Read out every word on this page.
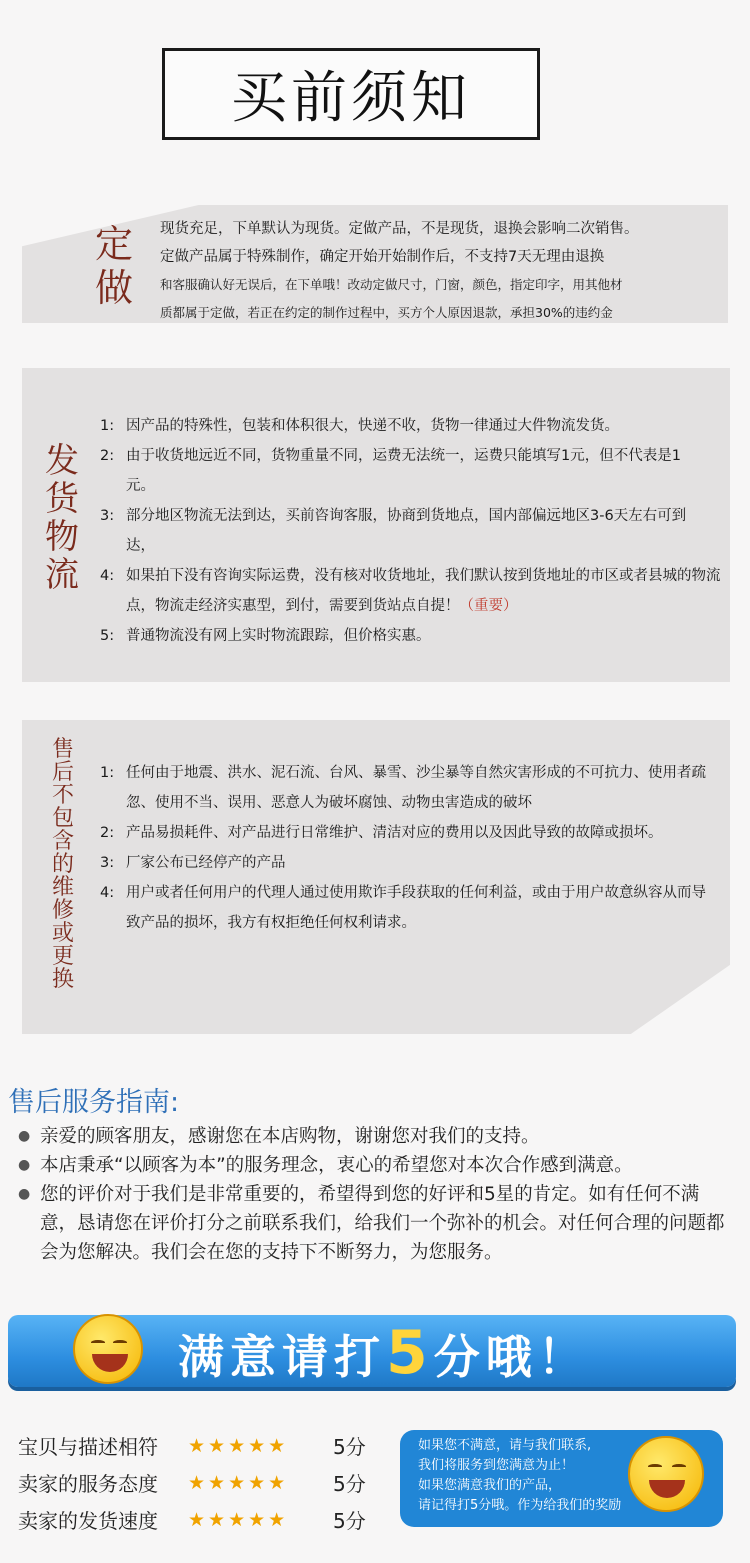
买前须知
定做
现货充足，下单默认为现货。定做产品，不是现货，退换会影响二次销售。
定做产品属于特殊制作，确定开始开始制作后，不支持7天无理由退换
和客服确认好无误后，在下单哦！改动定做尺寸，门窗，颜色，指定印字，用其他材
质都属于定做，若正在约定的制作过程中，买方个人原因退款，承担30%的违约金
发货物流
1: 因产品的特殊性，包装和体积很大，快递不收，货物一律通过大件物流发货。
2: 由于收货地远近不同，货物重量不同，运费无法统一，运费只能填写1元，但不代表是1元。
3: 部分地区物流无法到达，买前咨询客服，协商到货地点，国内部偏远地区3-6天左右可到达，
4: 如果拍下没有咨询实际运费，没有核对收货地址，我们默认按到货地址的市区或者县城的物流点，物流走经济实惠型，到付，需要到货站点自提！（重要）
5: 普通物流没有网上实时物流跟踪，但价格实惠。
售后不包含的维修或更换
1: 任何由于地震、洪水、泥石流、台风、暴雪、沙尘暴等自然灾害形成的不可抗力、使用者疏忽、使用不当、误用、恶意人为破坏腐蚀、动物虫害造成的破坏
2: 产品易损耗件、对产品进行日常维护、清洁对应的费用以及因此导致的故障或损坏。
3: 厂家公布已经停产的产品
4: 用户或者任何用户的代理人通过使用欺诈手段获取的任何利益，或由于用户故意纵容从而导致产品的损坏，我方有权拒绝任何权利请求。
售后服务指南:
● 亲爱的顾客朋友，感谢您在本店购物，谢谢您对我们的支持。
● 本店秉承“以顾客为本”的服务理念，衷心的希望您对本次合作感到满意。
● 您的评价对于我们是非常重要的，希望得到您的好评和5星的肯定。如有任何不满意，恳请您在评价打分之前联系我们，给我们一个弥补的机会。对任何合理的问题都会为您解决。我们会在您的支持下不断努力，为您服务。
满意请打5分哦！
宝贝与描述相符	★★★★★	5分
卖家的服务态度	★★★★★	5分
卖家的发货速度	★★★★★	5分
如果您不满意，请与我们联系,
我们将服务到您满意为止！
如果您满意我们的产品，
请记得打5分哦。作为给我们的奖励
